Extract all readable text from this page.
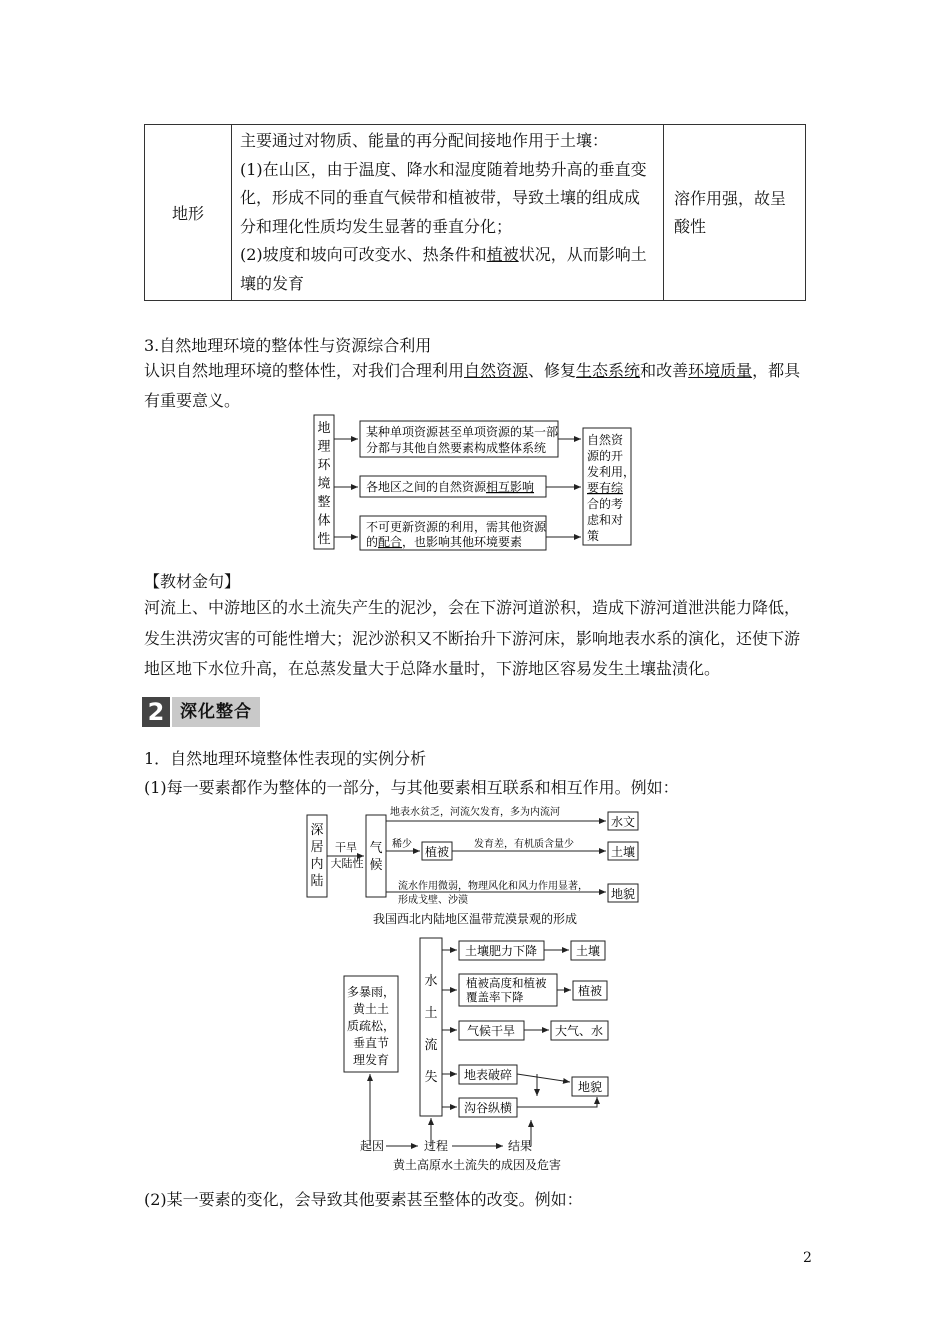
地形	主要通过对物质、能量的再分配间接地作用于土壤：
(1)在山区，由于温度、降水和湿度随着地势升高的垂直变化，形成不同的垂直气候带和植被带，导致土壤的组成成分和理化性质均发生显著的垂直分化；
(2)坡度和坡向可改变水、热条件和植被状况，从而影响土壤的发育	溶作用强，故呈酸性
3.自然地理环境的整体性与资源综合利用
认识自然地理环境的整体性，对我们合理利用自然资源、修复生态系统和改善环境质量，都具有重要意义。
地
理
环
境
整
体
性
某种单项资源甚至单项资源的某一部
分都与其他自然要素构成整体系统
各地区之间的自然资源相互影响
不可更新资源的利用，需其他资源
的配合，也影响其他环境要素
自然资
源的开
发利用，
要有综
合的考
虑和对
策
【教材金句】
河流上、中游地区的水土流失产生的泥沙，会在下游河道淤积，造成下游河道泄洪能力降低，发生洪涝灾害的可能性增大；泥沙淤积又不断抬升下游河床，影响地表水系的演化，还使下游地区地下水位升高，在总蒸发量大于总降水量时，下游地区容易发生土壤盐渍化。
2 深化整合
1．自然地理环境整体性表现的实例分析
(1)每一要素都作为整体的一部分，与其他要素相互联系和相互作用。例如：
深
居
内
陆
干旱
大陆性
气
候
地表水贫乏，河流欠发育，多为内流河
水文
稀少
植被
发育差，有机质含量少
土壤
流水作用微弱，物理风化和风力作用显著，
形成戈壁、沙漠	地貌
我国西北内陆地区温带荒漠景观的形成
多暴雨，
黄土土
质疏松，
垂直节
理发育
水
土
流
失
土壤肥力下降	土壤
植被高度和植被
覆盖率下降	植被
气候干旱	大气、水
地表破碎
沟谷纵横
地貌
起因	过程	结果
黄土高原水土流失的成因及危害
(2)某一要素的变化，会导致其他要素甚至整体的改变。例如：
2
